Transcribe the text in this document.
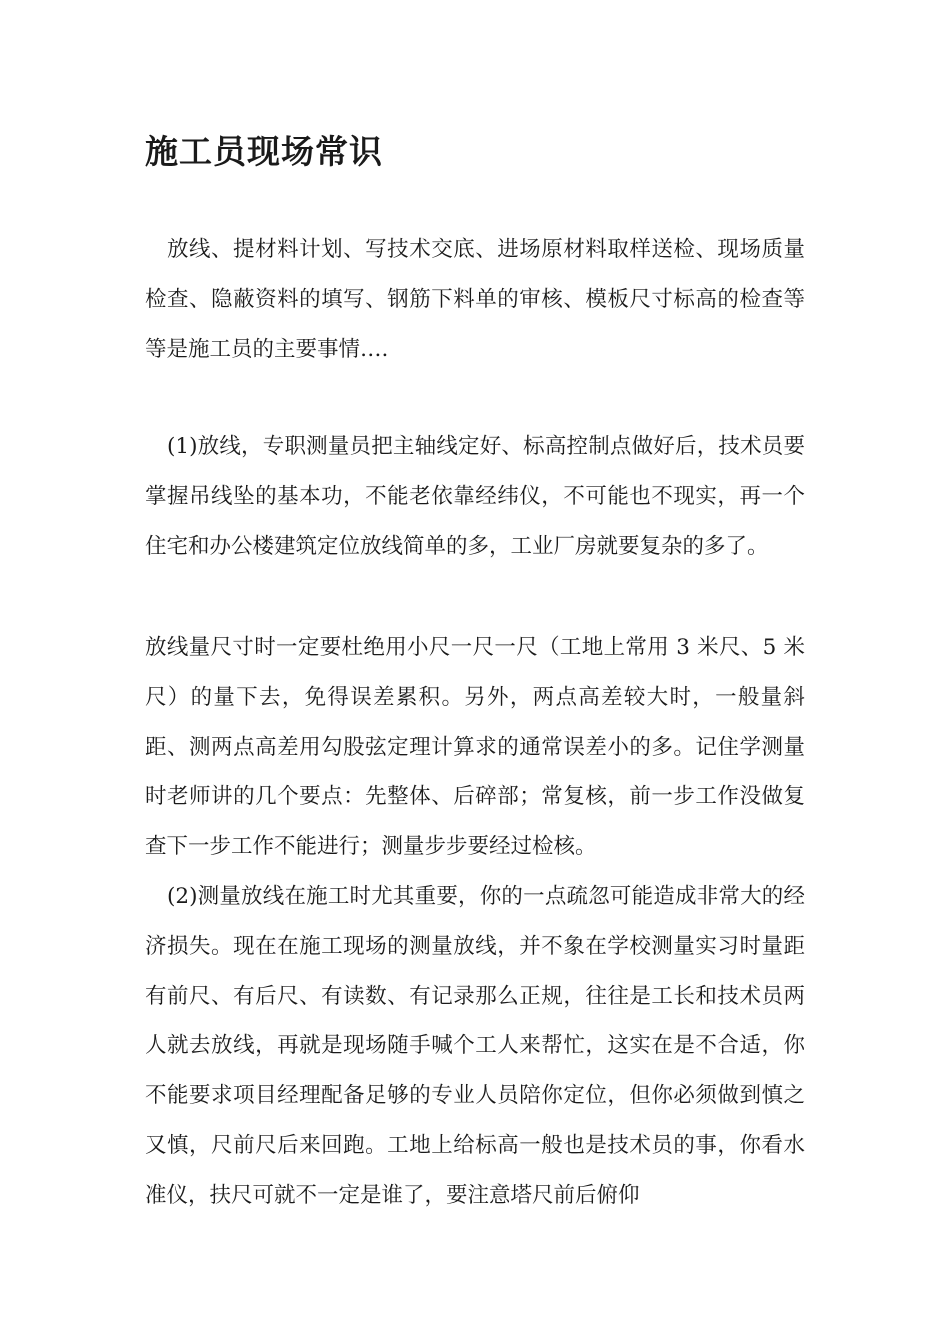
施工员现场常识

放线、提材料计划、写技术交底、进场原材料取样送检、现场质量检查、隐蔽资料的填写、钢筋下料单的审核、模板尺寸标高的检查等等是施工员的主要事情….

(1)放线，专职测量员把主轴线定好、标高控制点做好后，技术员要掌握吊线坠的基本功，不能老依靠经纬仪，不可能也不现实，再一个住宅和办公楼建筑定位放线简单的多，工业厂房就要复杂的多了。

放线量尺寸时一定要杜绝用小尺一尺一尺（工地上常用 3 米尺、5 米尺）的量下去，免得误差累积。另外，两点高差较大时，一般量斜距、测两点高差用勾股弦定理计算求的通常误差小的多。记住学测量时老师讲的几个要点：先整体、后碎部；常复核，前一步工作没做复查下一步工作不能进行；测量步步要经过检核。

(2)测量放线在施工时尤其重要，你的一点疏忽可能造成非常大的经济损失。现在在施工现场的测量放线，并不象在学校测量实习时量距有前尺、有后尺、有读数、有记录那么正规，往往是工长和技术员两人就去放线，再就是现场随手喊个工人来帮忙，这实在是不合适，你不能要求项目经理配备足够的专业人员陪你定位，但你必须做到慎之又慎，尺前尺后来回跑。工地上给标高一般也是技术员的事，你看水准仪，扶尺可就不一定是谁了，要注意塔尺前后俯仰
